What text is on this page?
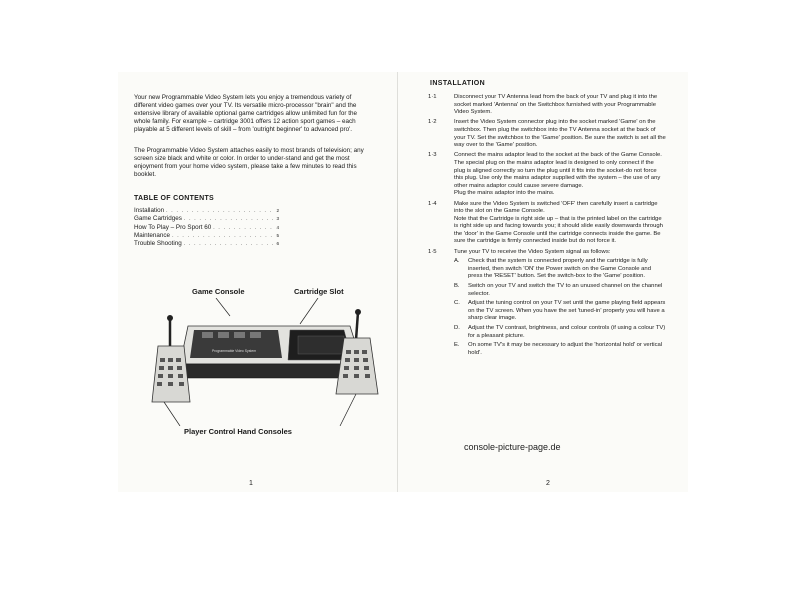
Your new Programmable Video System lets you enjoy a tremendous variety of different video games over your TV. Its versatile micro-processor "brain" and the extensive library of available optional game cartridges allow unlimited fun for the whole family. For example – cartridge 3001 offers 12 action sport games – each playable at 5 different levels of skill – from 'outright beginner' to advanced pro'.

The Programmable Video System attaches easily to most brands of television; any screen size black and white or color. In order to under-stand and get the most enjoyment from your home video system, please take a few minutes to read this booklet.

TABLE OF CONTENTS

Installation . . .	2
Game Cartridges . . .	3
How To Play – Pro Sport 60 . . .	4
Maintenance . . .	5
Trouble Shooting . . .	6
Game Console	Cartridge Slot
Programmable Video System
Player Control Hand Consoles
1

INSTALLATION

1·1	Disconnect your TV Antenna lead from the back of your TV and plug it into the socket marked 'Antenna' on the Switchbox furnished with your Programmable Video System.

1·2	Insert the Video System connector plug into the socket marked 'Game' on the switchbox. Then plug the switchbox into the TV Antenna socket at the back of your TV. Set the switchbox to the 'Game' position. Be sure the switch is set all the way over to the 'Game' position.

1·3	Connect the mains adaptor lead to the socket at the back of the Game Console. The special plug on the mains adaptor lead is designed to only connect if the plug is aligned correctly so turn the plug until it fits into the socket-do not force this plug. Use only the mains adaptor supplied with the system – the use of any other mains adaptor could cause severe damage.

Plug the mains adaptor into the mains.

1·4	Make sure the Video System is switched 'OFF' then carefully insert a cartridge into the slot on the Game Console.

Note that the Cartridge is right side up – that is the printed label on the cartridge is right side up and facing towards you; it should slide easily downwards through the 'door' in the Game Console until the cartridge connects inside the game. Be sure the cartridge is firmly connected inside but do not force it.

1·5	Tune your TV to receive the Video System signal as follows:

A.	Check that the system is connected properly and the cartridge is fully inserted, then switch 'ON' the Power switch on the Game Console and press the 'RESET' button. Set the switch-box to the 'Game' position.
B.	Switch on your TV and switch the TV to an unused channel on the channel selector.
C.	Adjust the tuning control on your TV set until the game playing field appears on the TV screen. When you have the set 'tuned-in' properly you will have a sharp clear image.
D.	Adjust the TV contrast, brightness, and colour controls (if using a colour TV) for a pleasant picture.
E.	On some TV's it may be necessary to adjust the 'horizontal hold' or vertical hold'.
console-picture-page.de
2
